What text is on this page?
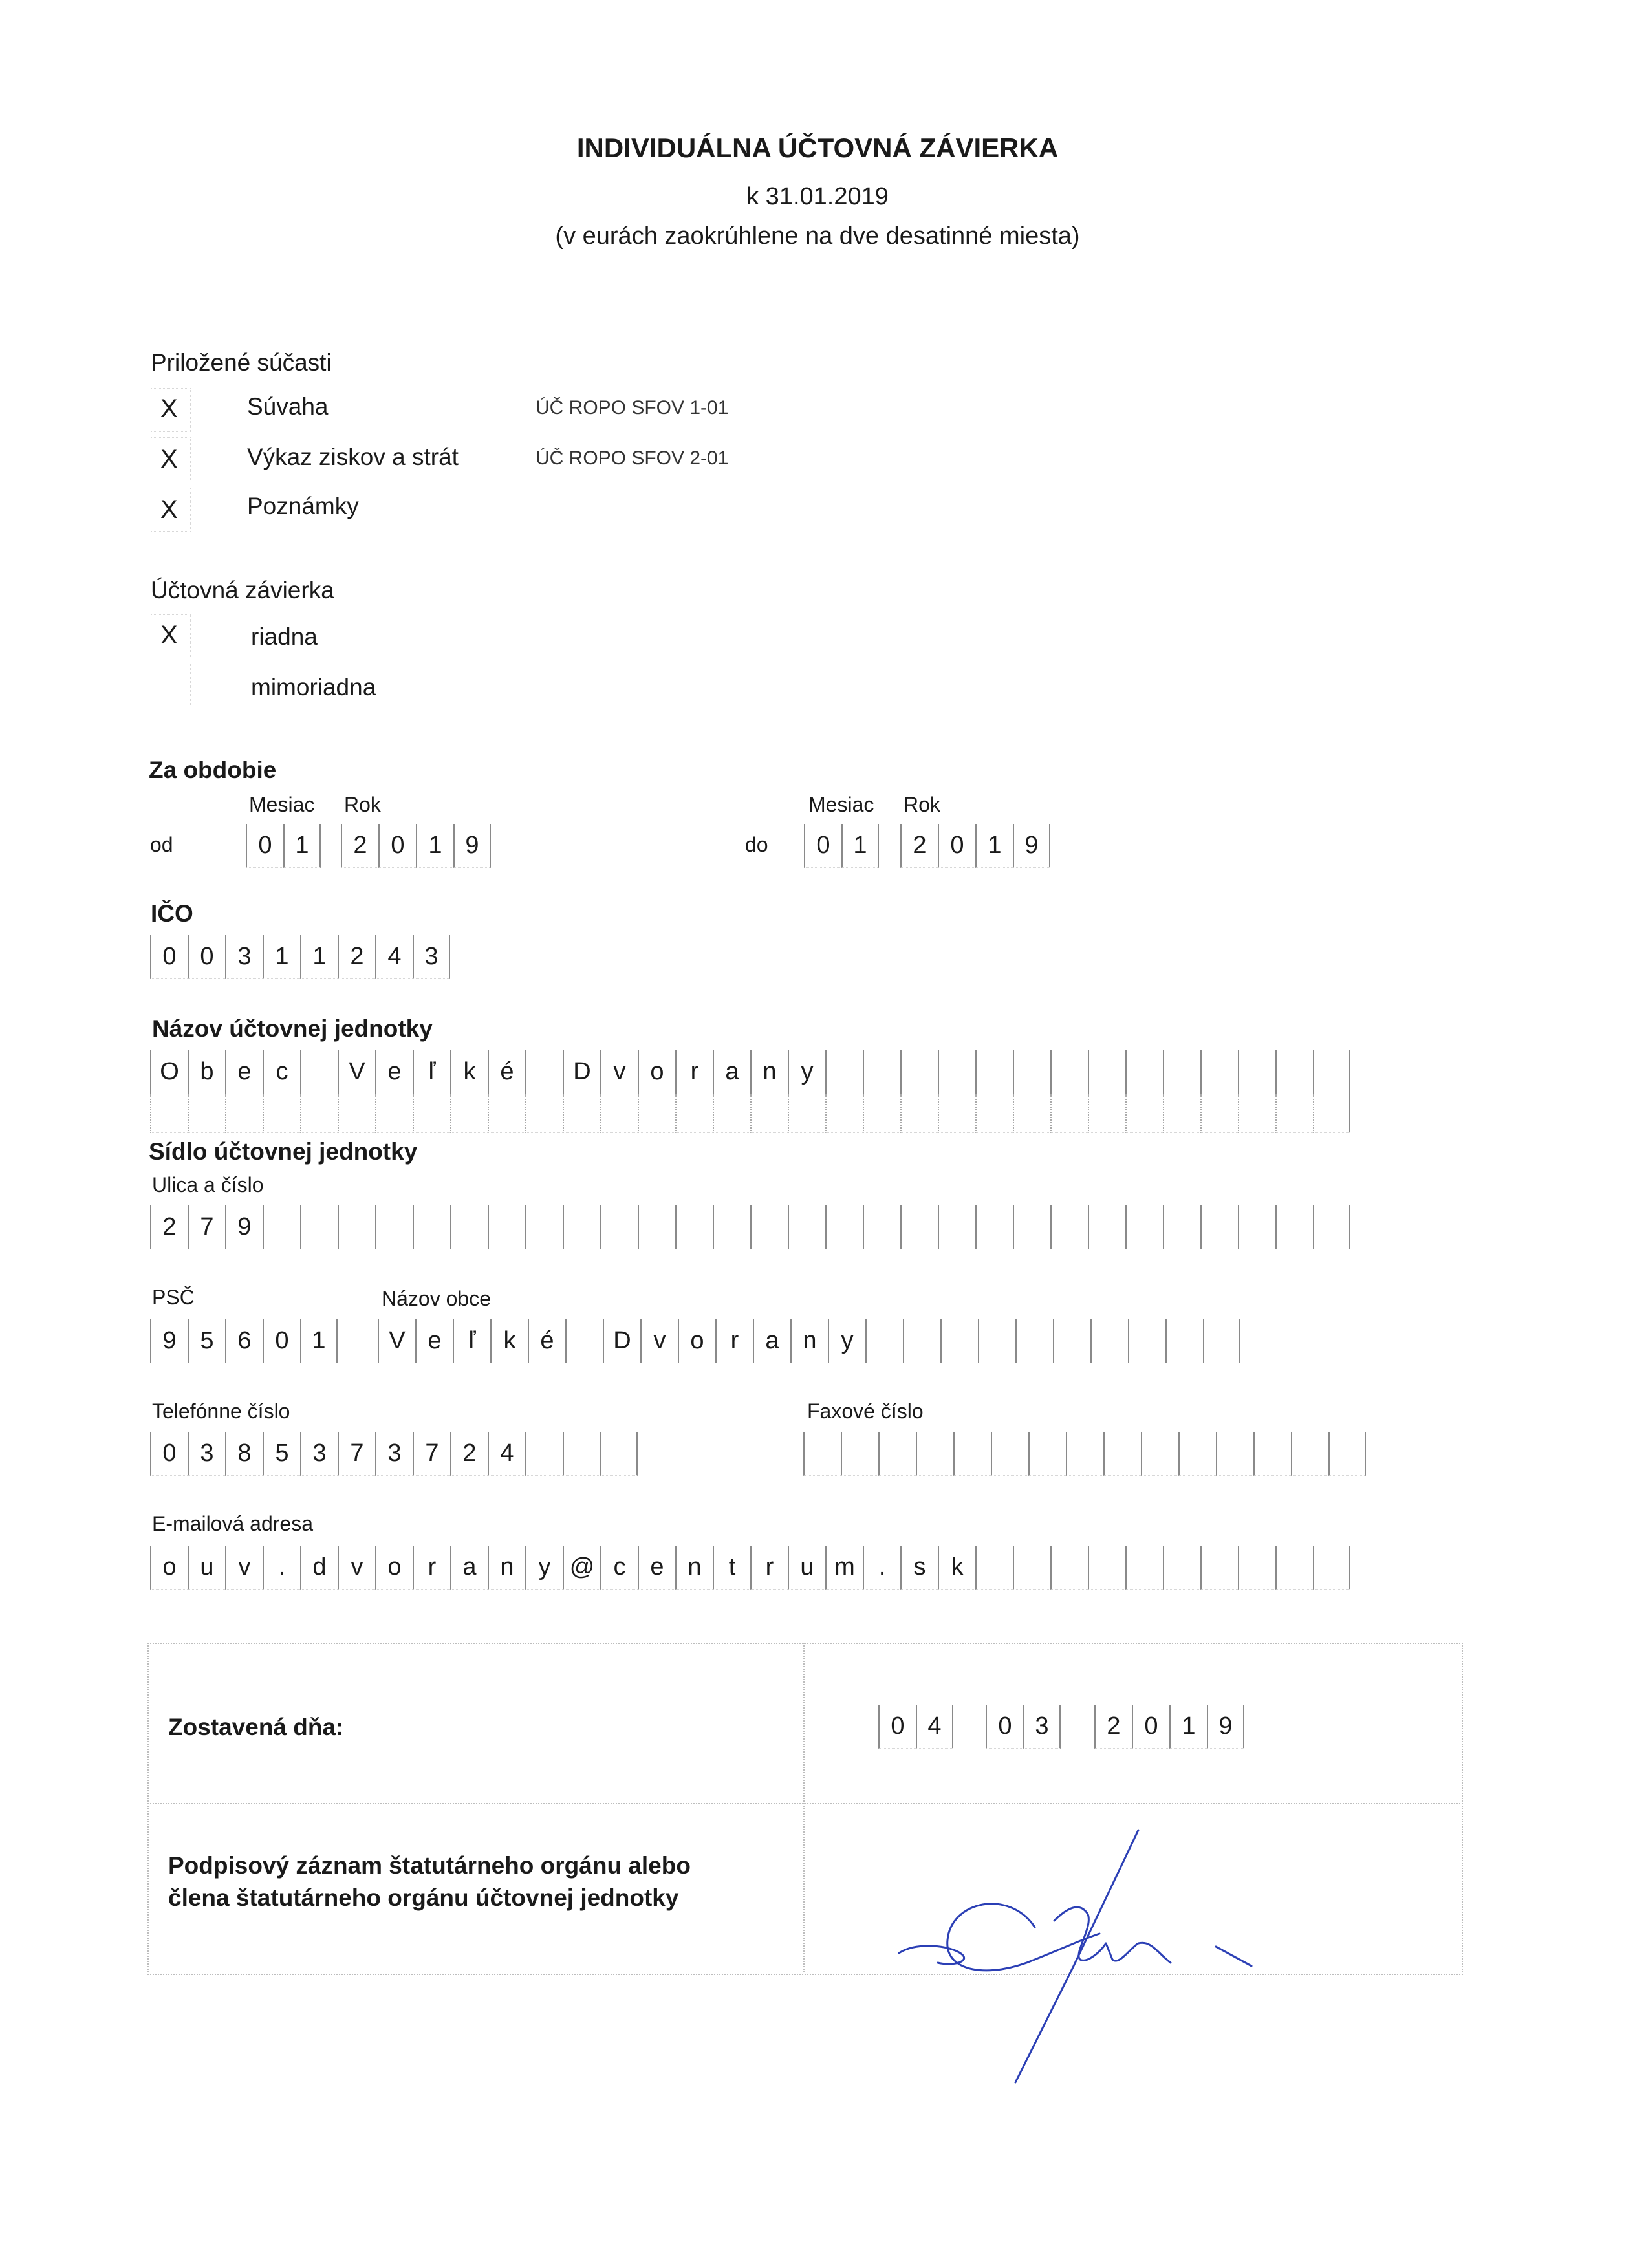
INDIVIDUÁLNA ÚČTOVNÁ ZÁVIERKA
k 31.01.2019
(v eurách zaokrúhlene na dve desatinné miesta)
Priložené súčasti
X	Súvaha	ÚČ ROPO SFOV 1-01
X	Výkaz ziskov a strát	ÚČ ROPO SFOV 2-01
X	Poznámky
Účtovná závierka
X	riadna
mimoriadna
Za obdobie
Mesiac Rok	Mesiac Rok
od	do
0 1	2 0 1 9	0 1	2 0 1 9
IČO
0 0 3 1 1 2 4 3
Názov účtovnej jednotky
O b e c	V e	ľ	k é	D v o	r	a n y
Sídlo účtovnej jednotky
Ulica a číslo
2 7 9
PSČ	Názov obce
9 5 6 0 1	V e	ľ	k é	D v o	r	a n y
Telefónne číslo	Faxové číslo
0 3 8 5 3 7 3 7 2 4
E-mailová adresa
o u v	.	d v o	r	a n y @ c e n	t	r	u m .	s	k
Zostavená dňa:	0 4	0 3	2 0 1 9
Podpisový záznam štatutárneho orgánu alebo
člena štatutárneho orgánu účtovnej jednotky
